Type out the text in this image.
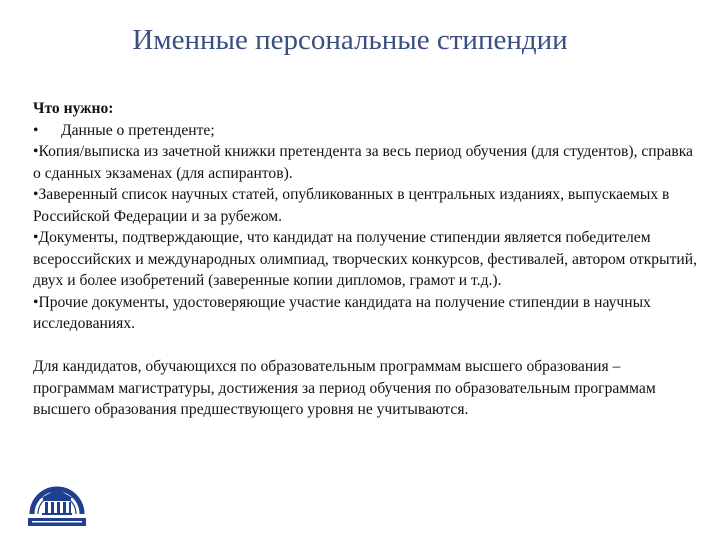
Именные персональные стипендии

Что нужно:

• Данные о претенденте;

•Копия/выписка из зачетной книжки претендента за весь период обучения (для студентов), справка о сданных экзаменах (для аспирантов).

•Заверенный список научных статей, опубликованных в центральных изданиях, выпускаемых в Российской Федерации и за рубежом.

•Документы, подтверждающие, что кандидат на получение стипендии является победителем всероссийских и международных олимпиад, творческих конкурсов, фестивалей, автором открытий, двух и более изобретений (заверенные копии дипломов, грамот и т.д.).

•Прочие документы, удостоверяющие участие кандидата на получение стипендии в научных исследованиях.

Для кандидатов, обучающихся по образовательным программам высшего образования – программам магистратуры, достижения за период обучения по образовательным программам высшего образования предшествующего уровня не учитываются.
